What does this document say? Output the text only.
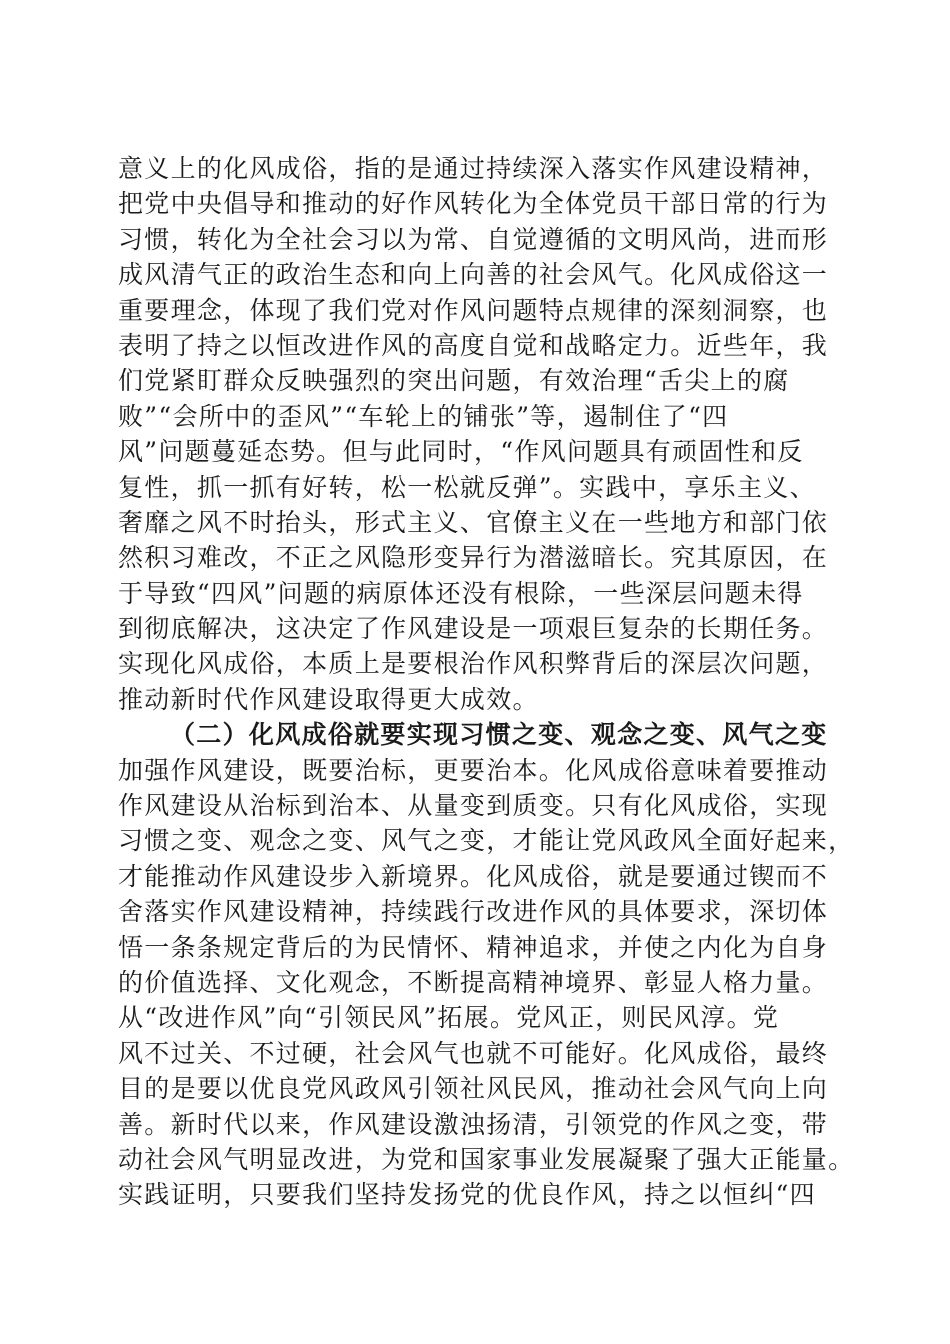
意义上的化风成俗，指的是通过持续深入落实作风建设精神，
把党中央倡导和推动的好作风转化为全体党员干部日常的行为
习惯，转化为全社会习以为常、自觉遵循的文明风尚，进而形
成风清气正的政治生态和向上向善的社会风气。化风成俗这一
重要理念，体现了我们党对作风问题特点规律的深刻洞察，也
表明了持之以恒改进作风的高度自觉和战略定力。近些年，我
们党紧盯群众反映强烈的突出问题，有效治理“舌尖上的腐
败”“会所中的歪风”“车轮上的铺张”等，遏制住了“四
风”问题蔓延态势。但与此同时，“作风问题具有顽固性和反
复性，抓一抓有好转，松一松就反弹”。实践中，享乐主义、
奢靡之风不时抬头，形式主义、官僚主义在一些地方和部门依
然积习难改，不正之风隐形变异行为潜滋暗长。究其原因，在
于导致“四风”问题的病原体还没有根除，一些深层问题未得
到彻底解决，这决定了作风建设是一项艰巨复杂的长期任务。
实现化风成俗，本质上是要根治作风积弊背后的深层次问题，
推动新时代作风建设取得更大成效。
（二）化风成俗就要实现习惯之变、观念之变、风气之变
加强作风建设，既要治标，更要治本。化风成俗意味着要推动
作风建设从治标到治本、从量变到质变。只有化风成俗，实现
习惯之变、观念之变、风气之变，才能让党风政风全面好起来，
才能推动作风建设步入新境界。化风成俗，就是要通过锲而不
舍落实作风建设精神，持续践行改进作风的具体要求，深切体
悟一条条规定背后的为民情怀、精神追求，并使之内化为自身
的价值选择、文化观念，不断提高精神境界、彰显人格力量。
从“改进作风”向“引领民风”拓展。党风正，则民风淳。党
风不过关、不过硬，社会风气也就不可能好。化风成俗，最终
目的是要以优良党风政风引领社风民风，推动社会风气向上向
善。新时代以来，作风建设激浊扬清，引领党的作风之变，带
动社会风气明显改进，为党和国家事业发展凝聚了强大正能量。
实践证明，只要我们坚持发扬党的优良作风，持之以恒纠“四
